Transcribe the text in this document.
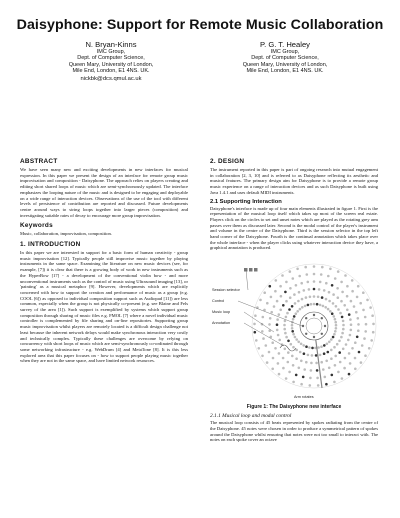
Daisyphone: Support for Remote Music Collaboration
N. Bryan-Kinns
IMC Group,
Dept. of Computer Science,
Queen Mary, University of London,
Mile End, London, E1 4NS. UK.
nickbk@dcs.qmul.ac.uk
P. G. T. Healey
IMC Group,
Dept. of Computer Science,
Queen Mary, University of London,
Mile End, London, E1 4NS. UK.
ABSTRACT

We have seen many new and exciting developments in new interfaces for musical expression. In this paper we present the design of an interface for remote group music improvisation and composition - Daisyphone. The approach relies on players creating and editing short shared loops of music which are semi-synchronously updated. The interface emphasizes the looping nature of the music and is designed to be engaging and deployable on a wide range of interaction devices. Observations of the use of the tool with different levels of persistence of contribution are reported and discussed. Future developments centre around ways to string loops together into larger pieces (composition) and investigating suitable rates of decay to encourage more group improvisation.

Keywords

Music, collaboration, improvisation, composition.

1. INTRODUCTION

In this paper we are interested in support for a basic form of human creativity - group music improvisation [12]. Typically people still improvise music together by playing instruments in the same space. Examining the literature on new music devices (see, for example, [7]) it is clear that there is a growing body of work in new instruments such as the HyperBow [17] - a development of the conventional violin bow - and more unconventional instruments such as the control of music using Ultrasound imaging [13], or 'painting' as a musical metaphor [9]. However, developments which are explicitly concerned with how to support the creation and performance of music as a group (e.g. COOL [6]) as opposed to individual composition support such as Audiopad [11]) are less common, especially when the group is not physically co-present (e.g. see Blaine and Fels survey of the area [1]). Such support is exemplified by systems which support group composition through sharing of music files e.g. FMOL [7] where a novel individual music controller is complemented by file sharing and on-line repositories. Supporting group music improvisation whilst players are remotely located is a difficult design challenge not least because the inherent network delays would make synchronous interaction very costly and technically complex. Typically these challenges are overcome by relying on concurrency with short loops of music which are semi-synchronously co-ordinated through some networking infrastructure - e.g. WebDrum [4] and MetaTone [8]. It is this less explored area that this paper focuses on - how to support people playing music together when they are not in the same space, and have limited network resources.

2. DESIGN

The instrument reported in this paper is part of ongoing research into mutual engagement in collaboration [2, 3, 10] and is referred to as Daisyphone reflecting its aesthetic and musical features. The primary design aim for Daisyphone is to provide a remote group music experience on a range of interaction devices and as such Daisyphone is built using Java 1.4.1 and uses default MIDI instruments.

2.1 Supporting Interaction

Daisyphone's interface is made up of four main elements illustrated in figure 1. First is the representation of the musical loop itself which takes up most of the screen real estate. Players click on the circles to set and unset notes which are played as the rotating grey arm passes over them as discussed later. Second is the modal control of the player's instrument and volume in the centre of the Daisyphone. Third is the session selector in the top left hand corner of the Daisyphone. Fourth is the continual annotation which takes place over the whole interface - when the player clicks using whatever interaction device they have, a graphical annotation is produced.

Session selector
Control
Music loop
Annotation
Arm rotates
Figure 1: The Daisyphone new interface
2.1.1 Musical loop and modal control

The musical loop consists of 45 beats represented by spokes radiating from the centre of the Daisyphone. 45 notes were chosen in order to produce a symmetrical pattern of spokes around the Daisyphone whilst ensuring that notes were not too small to interact with. The notes on each spoke cover an octave
